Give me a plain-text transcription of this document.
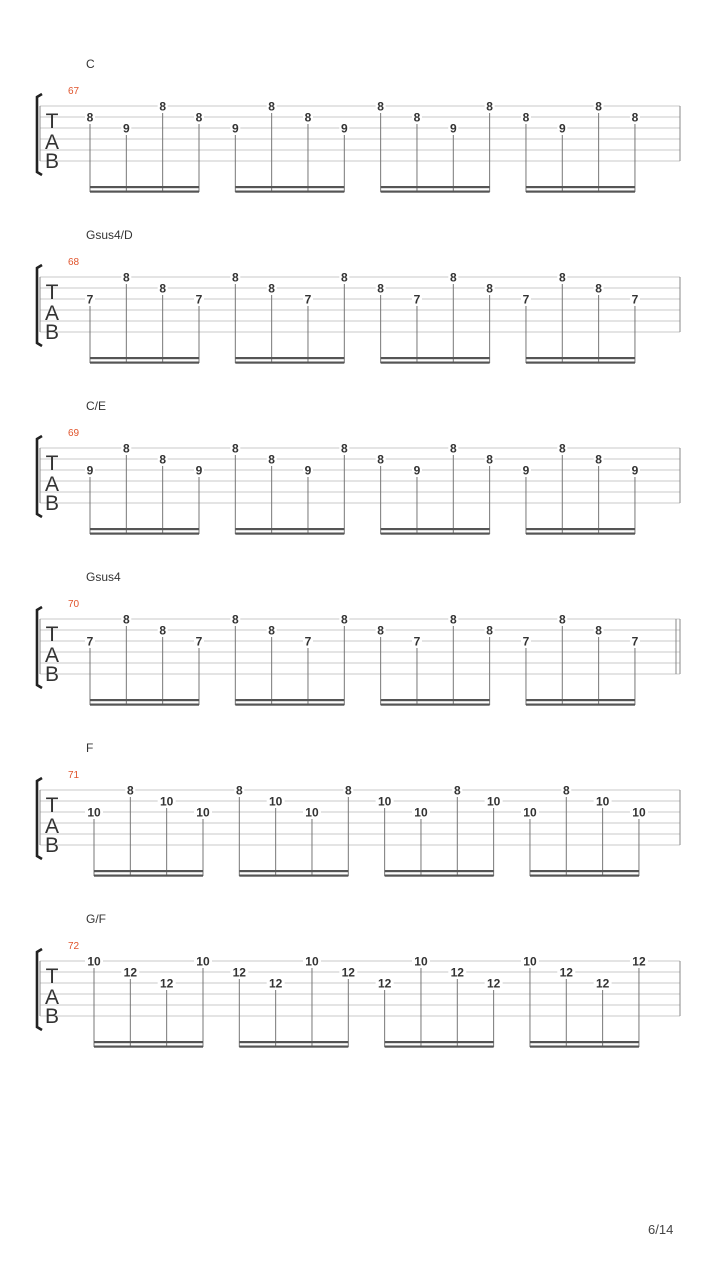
C
67
T
A
B
8
9
8
8
9
8
8
9
8
8
9
8
8
9
8
8
Gsus4/D
68
T
A
B
7
8
8
7
8
8
7
8
8
7
8
8
7
8
8
7
C/E
69
T
A
B
9
8
8
9
8
8
9
8
8
9
8
8
9
8
8
9
Gsus4
70
T
A
B
7
8
8
7
8
8
7
8
8
7
8
8
7
8
8
7
F
71
T
A
B
10
8
10
10
8
10
10
8
10
10
8
10
10
8
10
10
G/F
72
T
A
B
10
12
12
10
12
12
10
12
12
10
12
12
10
12
12
12
6/14
